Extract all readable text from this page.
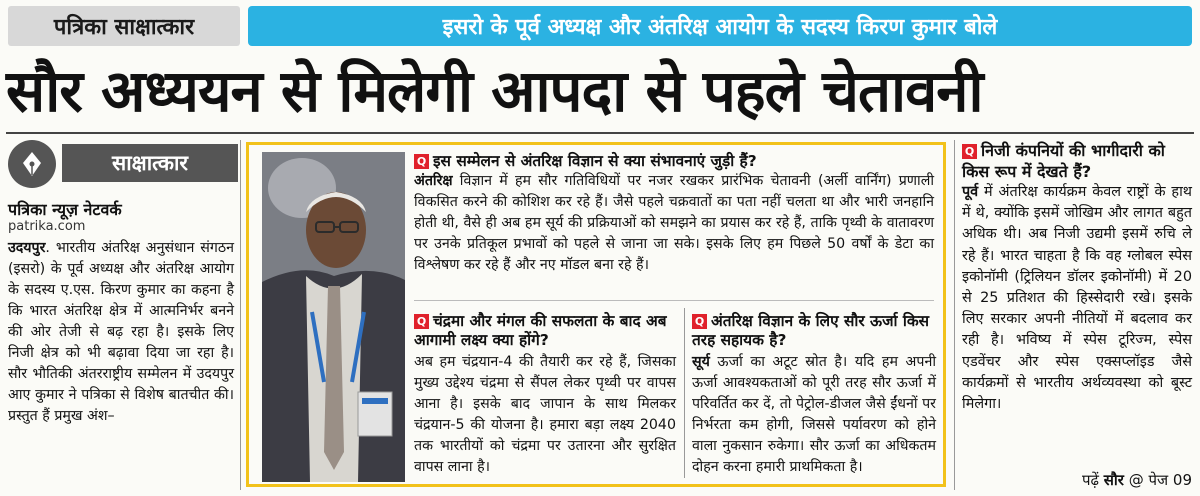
पत्रिका साक्षात्कार	इसरो के पूर्व अध्यक्ष और अंतरिक्ष आयोग के सदस्य किरण कुमार बोले
सौर अध्ययन से मिलेगी आपदा से पहले चेतावनी
साक्षात्कार
पत्रिका न्यूज़ नेटवर्क
patrika.com
उदयपुर. भारतीय अंतरिक्ष अनुसंधान संगठन (इसरो) के पूर्व अध्यक्ष और अंतरिक्ष आयोग के सदस्य ए.एस. किरण कुमार का कहना है कि भारत अंतरिक्ष क्षेत्र में आत्मनिर्भर बनने की ओर तेजी से बढ़ रहा है। इसके लिए निजी क्षेत्र को भी बढ़ावा दिया जा रहा है। सौर भौतिकी अंतरराष्ट्रीय सम्मेलन में उदयपुर आए कुमार ने पत्रिका से विशेष बातचीत की। प्रस्तुत हैं प्रमुख अंश–
Q इस सम्मेलन से अंतरिक्ष विज्ञान से क्या संभावनाएं जुड़ी हैं?
अंतरिक्ष विज्ञान में हम सौर गतिविधियों पर नजर रखकर प्रारंभिक चेतावनी (अर्ली वार्निंग) प्रणाली विकसित करने की कोशिश कर रहे हैं। जैसे पहले चक्रवातों का पता नहीं चलता था और भारी जनहानि होती थी, वैसे ही अब हम सूर्य की प्रक्रियाओं को समझने का प्रयास कर रहे हैं, ताकि पृथ्वी के वातावरण पर उनके प्रतिकूल प्रभावों को पहले से जाना जा सके। इसके लिए हम पिछले 50 वर्षों के डेटा का विश्लेषण कर रहे हैं और नए मॉडल बना रहे हैं।
Q चंद्रमा और मंगल की सफलता के बाद अब आगामी लक्ष्य क्या होंगे?
अब हम चंद्रयान-4 की तैयारी कर रहे हैं, जिसका मुख्य उद्देश्य चंद्रमा से सैंपल लेकर पृथ्वी पर वापस आना है। इसके बाद जापान के साथ मिलकर चंद्रयान-5 की योजना है। हमारा बड़ा लक्ष्य 2040 तक भारतीयों को चंद्रमा पर उतारना और सुरक्षित वापस लाना है।
Q अंतरिक्ष विज्ञान के लिए सौर ऊर्जा किस तरह सहायक है?
सूर्य ऊर्जा का अटूट स्रोत है। यदि हम अपनी ऊर्जा आवश्यकताओं को पूरी तरह सौर ऊर्जा में परिवर्तित कर दें, तो पेट्रोल-डीजल जैसे ईंधनों पर निर्भरता कम होगी, जिससे पर्यावरण को होने वाला नुकसान रुकेगा। सौर ऊर्जा का अधिकतम दोहन करना हमारी प्राथमिकता है।
Q निजी कंपनियों की भागीदारी को किस रूप में देखते हैं?
पूर्व में अंतरिक्ष कार्यक्रम केवल राष्ट्रों के हाथ में थे, क्योंकि इसमें जोखिम और लागत बहुत अधिक थी। अब निजी उद्यमी इसमें रुचि ले रहे हैं। भारत चाहता है कि वह ग्लोबल स्पेस इकोनॉमी (ट्रिलियन डॉलर इकोनॉमी) में 20 से 25 प्रतिशत की हिस्सेदारी रखे। इसके लिए सरकार अपनी नीतियों में बदलाव कर रही है। भविष्य में स्पेस टूरिज्म, स्पेस एडवेंचर और स्पेस एक्सप्लॉइड जैसे कार्यक्रमों से भारतीय अर्थव्यवस्था को बूस्ट मिलेगा।
पढ़ें सौर @ पेज 09
